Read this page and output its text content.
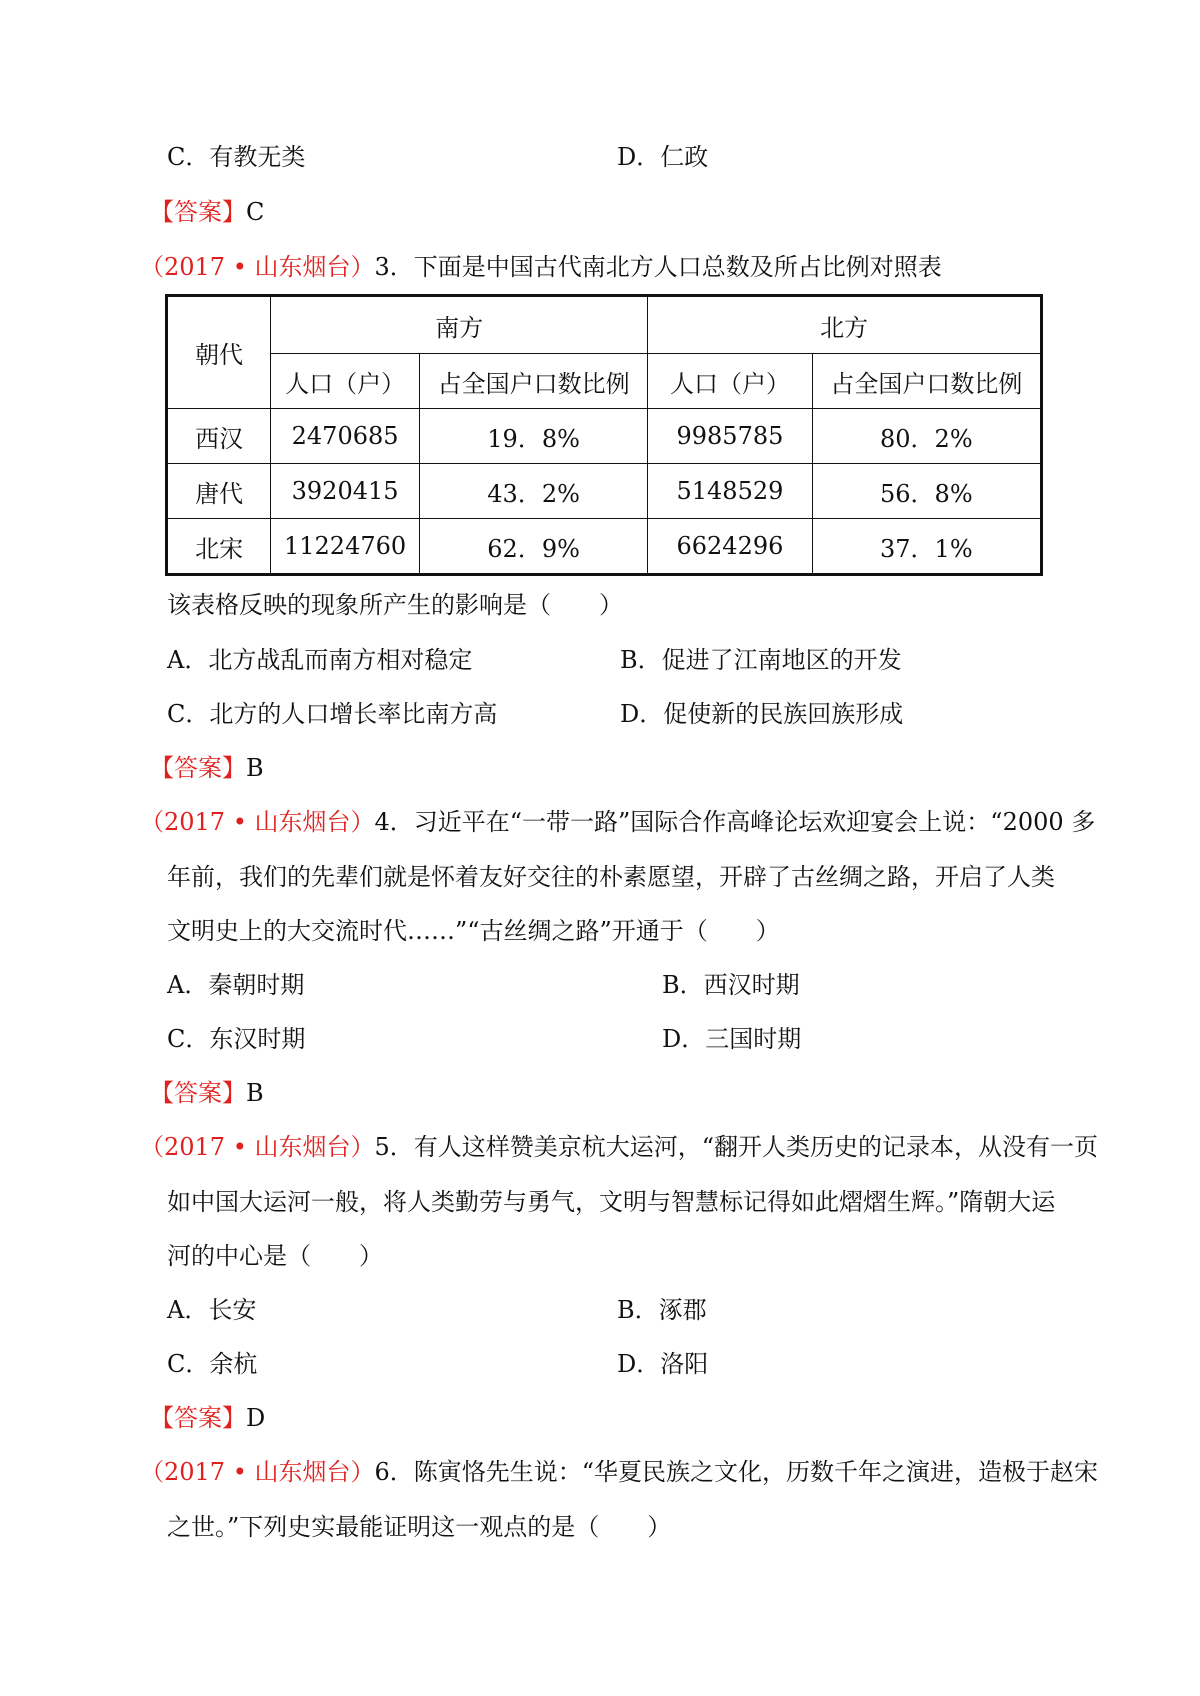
C．有教无类	D．仁政
【答案】C
（2017 • 山东烟台）3．下面是中国古代南北方人口总数及所占比例对照表
朝代	南方		北方	
	人口（户）	占全国户口数比例	人口（户）	占全国户口数比例
西汉	2470685	19．8%	9985785	80．2%
唐代	3920415	43．2%	5148529	56．8%
北宋	11224760	62．9%	6624296	37．1%
该表格反映的现象所产生的影响是（　　）
A．北方战乱而南方相对稳定	B．促进了江南地区的开发
C．北方的人口增长率比南方高	D．促使新的民族回族形成
【答案】B
（2017 • 山东烟台）4．习近平在“一带一路”国际合作高峰论坛欢迎宴会上说：“2000 多
年前，我们的先辈们就是怀着友好交往的朴素愿望，开辟了古丝绸之路，开启了人类
文明史上的大交流时代……”“古丝绸之路”开通于（　　）
A．秦朝时期	B．西汉时期
C．东汉时期	D．三国时期
【答案】B
（2017 • 山东烟台）5．有人这样赞美京杭大运河，“翻开人类历史的记录本，从没有一页
如中国大运河一般，将人类勤劳与勇气，文明与智慧标记得如此熠熠生辉。”隋朝大运
河的中心是（　　）
A．长安	B．涿郡
C．余杭	D．洛阳
【答案】D
（2017 • 山东烟台）6．陈寅恪先生说：“华夏民族之文化，历数千年之演进，造极于赵宋
之世。”下列史实最能证明这一观点的是（　　）
